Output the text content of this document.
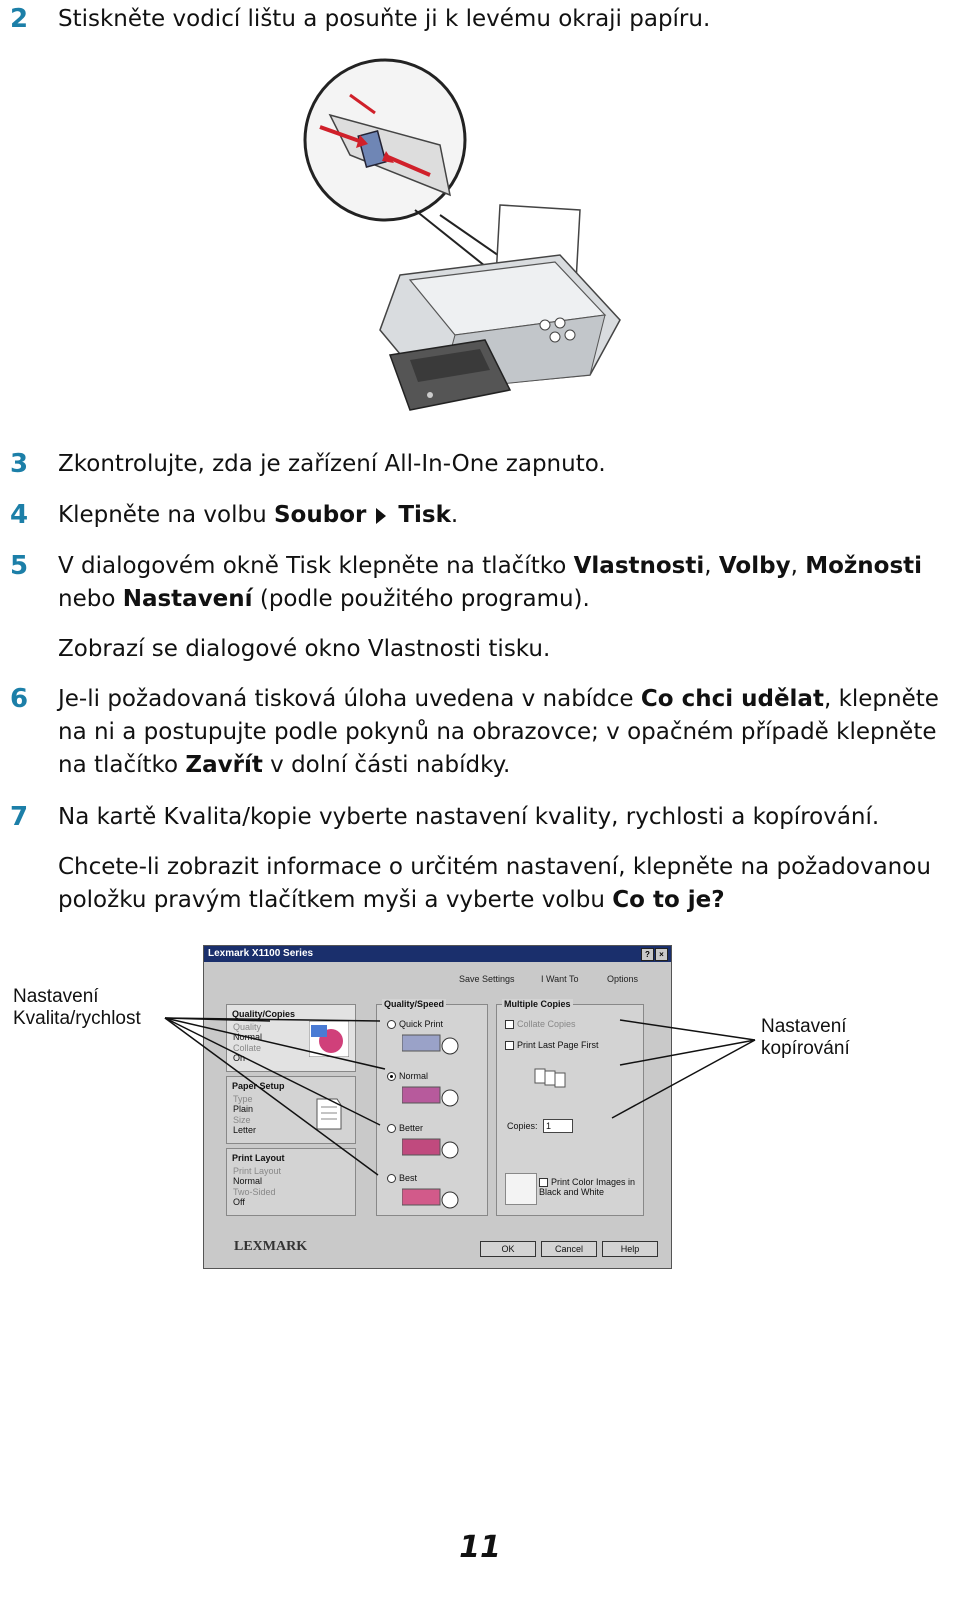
2 Stiskněte vodicí lištu a posuňte ji k levému okraji papíru.
3 Zkontrolujte, zda je zařízení All-In-One zapnuto.
4 Klepněte na volbu Soubor Tisk.
5 V dialogovém okně Tisk klepněte na tlačítko Vlastnosti, Volby, Možnosti nebo Nastavení (podle použitého programu).
Zobrazí se dialogové okno Vlastnosti tisku.
6 Je-li požadovaná tisková úloha uvedena v nabídce Co chci udělat, klepněte na ni a postupujte podle pokynů na obrazovce; v opačném případě klepněte na tlačítko Zavřít v dolní části nabídky.
7 Na kartě Kvalita/kopie vyberte nastavení kvality, rychlosti a kopírování.
Chcete-li zobrazit informace o určitém nastavení, klepněte na požadovanou položku pravým tlačítkem myši a vyberte volbu Co to je?
Nastavení
Kvalita/rychlost	Nastavení
kopírování
Lexmark X1100 Series	?	×
Save Settings	I Want To	Options
Quality/Copies
Quality
Normal
Collate
On
Paper Setup
Type
Plain
Size
Letter
Print Layout
Print Layout
Normal
Two-Sided
Off
Quality/Speed
Quick Print
Normal
Better
Best
Multiple Copies
Collate Copies
Print Last Page First
Copies: 1
Print Color Images in Black and White
LEXMARK	OK	Cancel	Help
11
